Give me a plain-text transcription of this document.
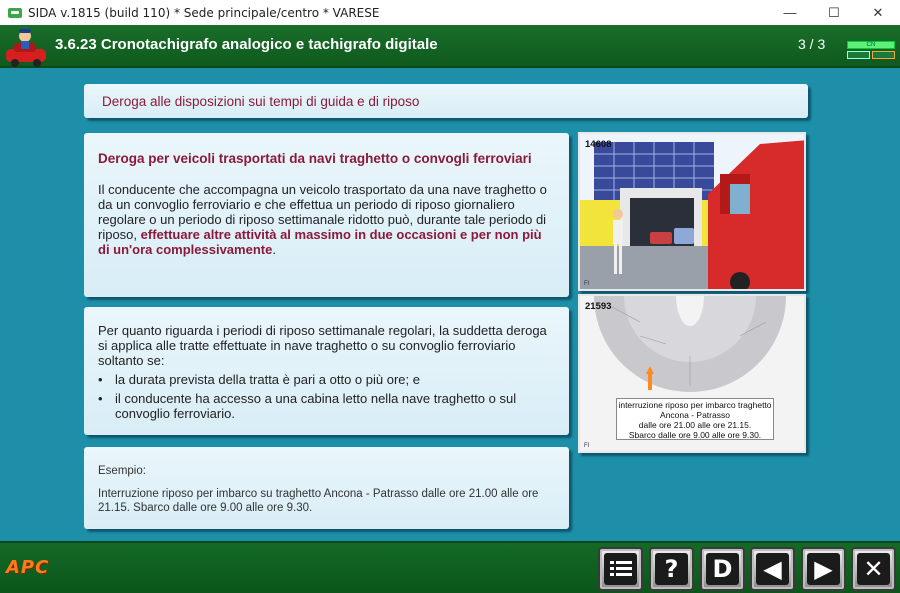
SIDA v.1815 (build 110) * Sede principale/centro * VARESE	—	☐	✕
3.6.23 Cronotachigrafo analogico e tachigrafo digitale	3 / 3	CN
Deroga alle disposizioni sui tempi di guida e di riposo
Deroga per veicoli trasportati da navi traghetto o convogli ferroviari
Il conducente che accompagna un veicolo trasportato da una nave traghetto o da un convoglio ferroviario e che effettua un periodo di riposo giornaliero regolare o un periodo di riposo settimanale ridotto può, durante tale periodo di riposo, effettuare altre attività al massimo in due occasioni e per non più di un'ora complessivamente.
Per quanto riguarda i periodi di riposo settimanale regolari, la suddetta deroga si applica alle tratte effettuate in nave traghetto o su convoglio ferroviario soltanto se:
• la durata prevista della tratta è pari a otto o più ore; e
• il conducente ha accesso a una cabina letto nella nave traghetto o sul convoglio ferroviario.
Esempio:
Interruzione riposo per imbarco su traghetto Ancona - Patrasso dalle ore 21.00 alle ore 21.15. Sbarco dalle ore 9.00 alle ore 9.30.
14608
FI
21593
interruzione riposo per imbarco traghetto
Ancona - Patrasso
dalle ore 21.00 alle ore 21.15.
Sbarco dalle ore 9.00 alle ore 9.30.
FI
APC	?	D	◀	▶	✕
